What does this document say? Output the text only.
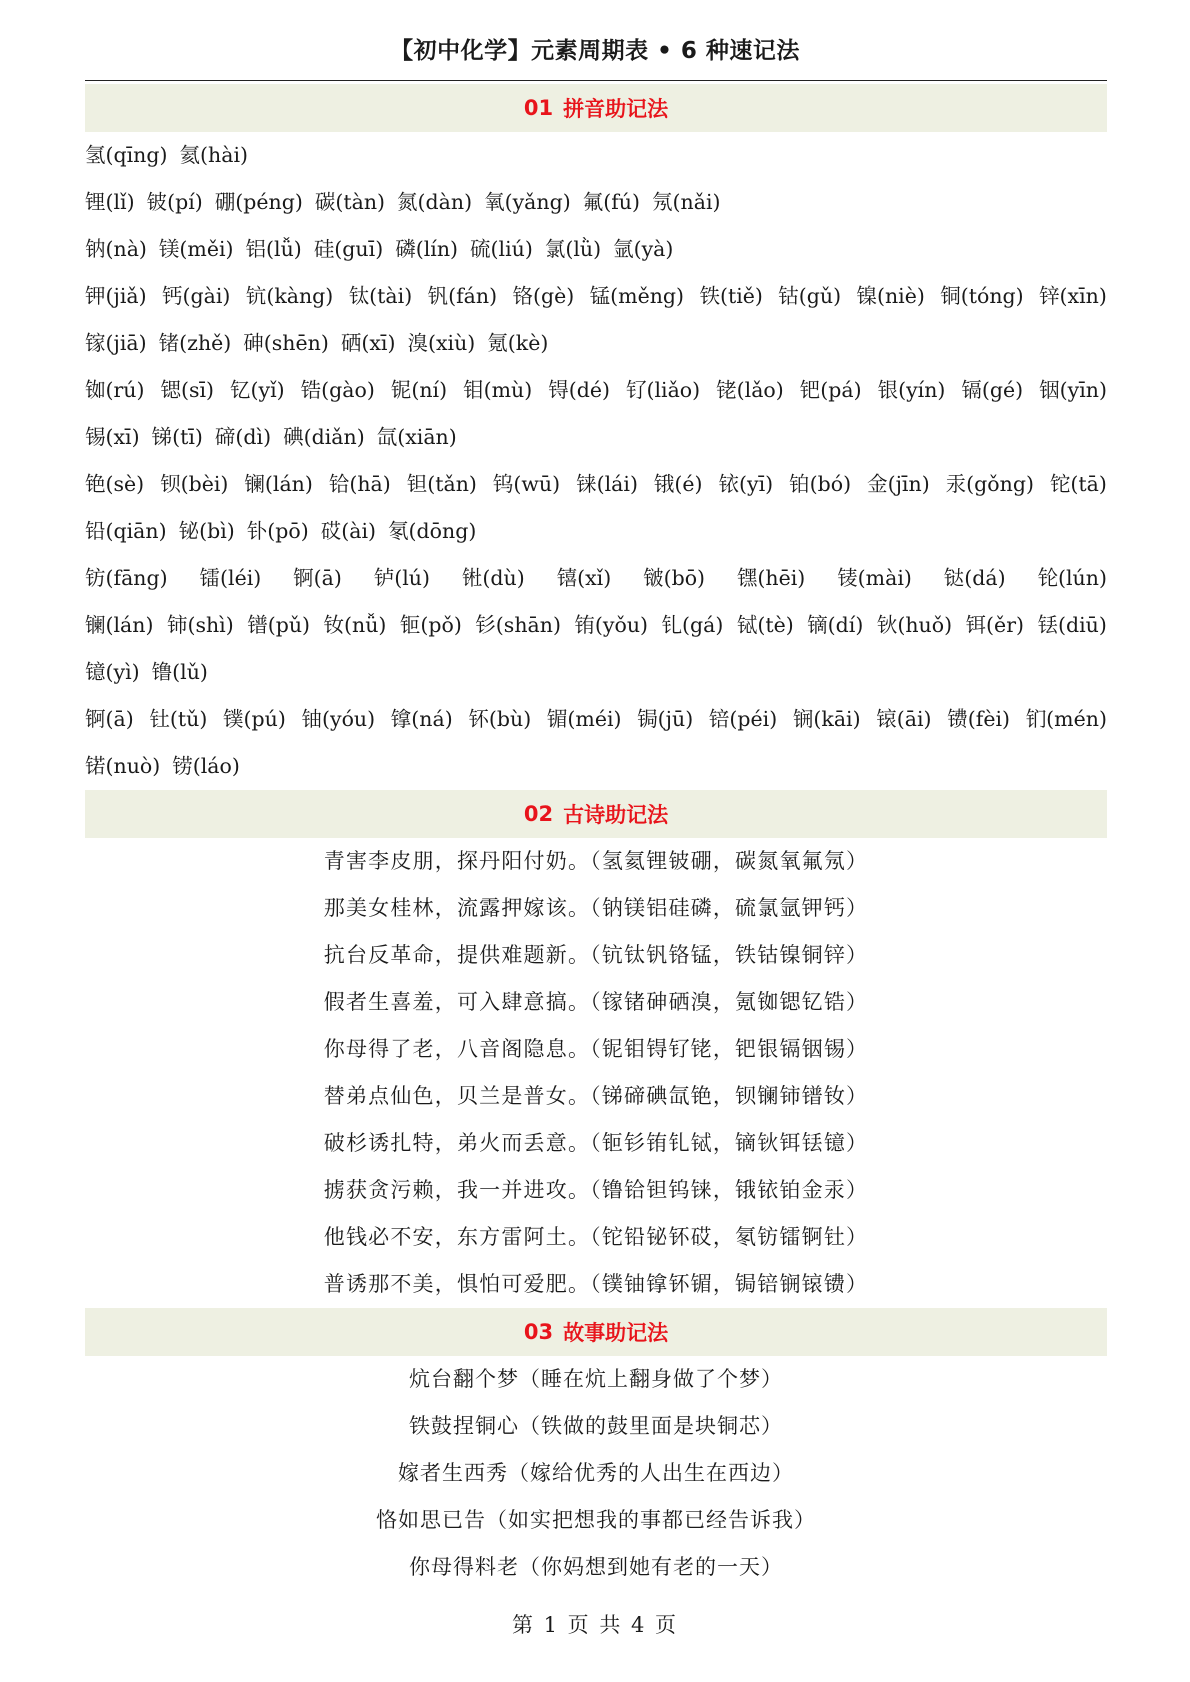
【初中化学】元素周期表 • 6 种速记法
01 拼音助记法
氢(qīng) 氦(hài)
锂(lǐ) 铍(pí) 硼(péng) 碳(tàn) 氮(dàn) 氧(yǎng) 氟(fú) 氖(nǎi)
钠(nà) 镁(měi) 铝(lǚ) 硅(guī) 磷(lín) 硫(liú) 氯(lǜ) 氩(yà)
钾(jiǎ) 钙(gài) 钪(kàng) 钛(tài) 钒(fán) 铬(gè) 锰(měng) 铁(tiě) 钴(gǔ) 镍(niè) 铜(tóng) 锌(xīn)
镓(jiā) 锗(zhě) 砷(shēn) 硒(xī) 溴(xiù) 氪(kè)
铷(rú) 锶(sī) 钇(yǐ) 锆(gào) 铌(ní) 钼(mù) 锝(dé) 钌(liǎo) 铑(lǎo) 钯(pá) 银(yín) 镉(gé) 铟(yīn)
锡(xī) 锑(tī) 碲(dì) 碘(diǎn) 氙(xiān)
铯(sè) 钡(bèi) 镧(lán) 铪(hā) 钽(tǎn) 钨(wū) 铼(lái) 锇(é) 铱(yī) 铂(bó) 金(jīn) 汞(gǒng) 铊(tā)
铅(qiān) 铋(bì) 钋(pō) 砹(ài) 氡(dōng)
钫(fāng) 镭(léi) 锕(ā) 𬬻(lú) 𬭊(dù) 𬭳(xǐ) 𬭛(bō) 𬭶(hēi) 鿏(mài) 𫟼(dá) 𬬭(lún)
镧(lán) 铈(shì) 镨(pǔ) 钕(nǚ) 钷(pǒ) 钐(shān) 铕(yǒu) 钆(gá) 铽(tè) 镝(dí) 钬(huǒ) 铒(ěr) 铥(diū)
镱(yì) 镥(lǔ)
锕(ā) 钍(tǔ) 镤(pú) 铀(yóu) 镎(ná) 钚(bù) 镅(méi) 锔(jū) 锫(péi) 锎(kāi) 锿(āi) 镄(fèi) 钔(mén)
锘(nuò) 铹(láo)
02 古诗助记法
青害李皮朋，探丹阳付奶。（氢氦锂铍硼，碳氮氧氟氖）
那美女桂林，流露押嫁该。（钠镁铝硅磷，硫氯氩钾钙）
抗台反革命，提供难题新。（钪钛钒铬锰，铁钴镍铜锌）
假者生喜羞，可入肆意搞。（镓锗砷硒溴，氪铷锶钇锆）
你母得了老，八音阁隐息。（铌钼锝钌铑，钯银镉铟锡）
替弟点仙色，贝兰是普女。（锑碲碘氙铯，钡镧铈镨钕）
破杉诱扎特，弟火而丢意。（钷钐铕钆铽，镝钬铒铥镱）
掳获贪污赖，我一并进攻。（镥铪钽钨铼，锇铱铂金汞）
他钱必不安，东方雷阿土。（铊铅铋钚砹，氡钫镭锕钍）
普诱那不美，惧怕可爱肥。（镤铀镎钚镅，锔锫锎锿镄）
03 故事助记法
炕台翻个梦（睡在炕上翻身做了个梦）
铁鼓捏铜心（铁做的鼓里面是块铜芯）
嫁者生西秀（嫁给优秀的人出生在西边）
恪如思已告（如实把想我的事都已经告诉我）
你母得料老（你妈想到她有老的一天）
第 1 页 共 4 页
